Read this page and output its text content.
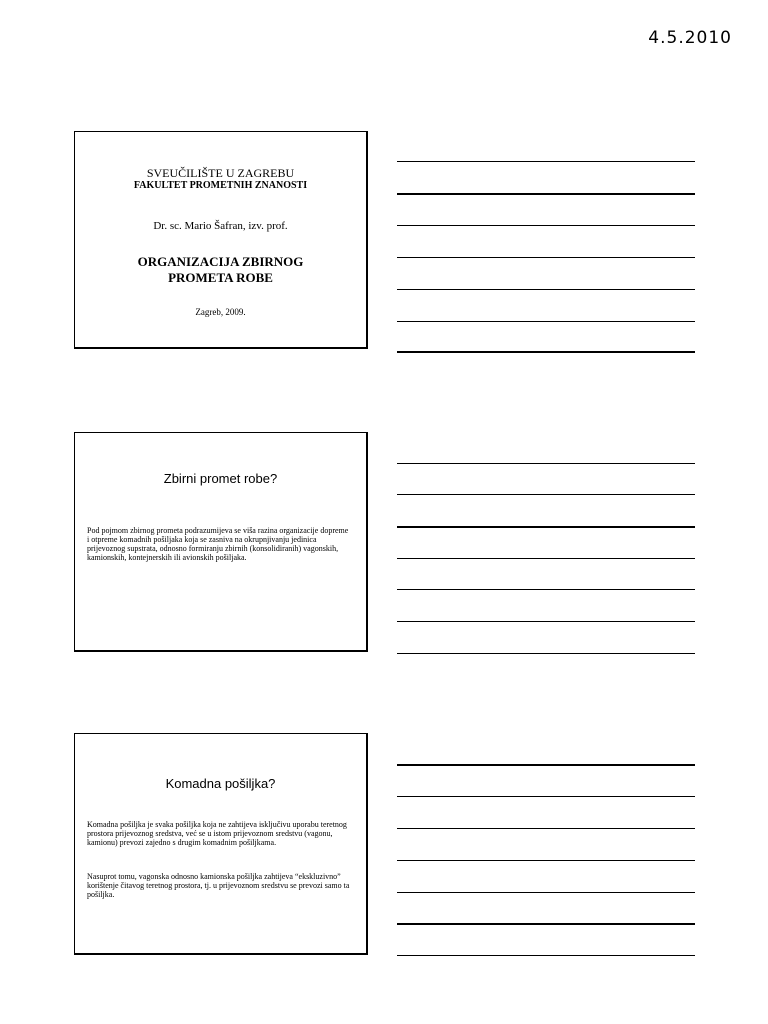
4.5.2010
SVEUČILIŠTE U ZAGREBU
FAKULTET PROMETNIH ZNANOSTI
Dr. sc. Mario Šafran, izv. prof.
ORGANIZACIJA ZBIRNOG
PROMETA ROBE
Zagreb, 2009.
Zbirni promet robe?
Pod pojmom zbirnog prometa podrazumijeva se viša razina organizacije dopreme i otpreme komadnih pošiljaka koja se zasniva na okrupnjivanju jedinica prijevoznog supstrata, odnosno formiranju zbirnih (konsolidiranih) vagonskih, kamionskih, kontejnerskih ili avionskih pošiljaka.
Komadna pošiljka?
Komadna pošiljka je svaka pošiljka koja ne zahtijeva isključivu uporabu teretnog prostora prijevoznog sredstva, već se u istom prijevoznom sredstvu (vagonu, kamionu) prevozi zajedno s drugim komadnim pošiljkama.
Nasuprot tomu, vagonska odnosno kamionska pošiljka zahtijeva “ekskluzivno” korištenje čitavog teretnog prostora, tj. u prijevoznom sredstvu se prevozi samo ta pošiljka.
